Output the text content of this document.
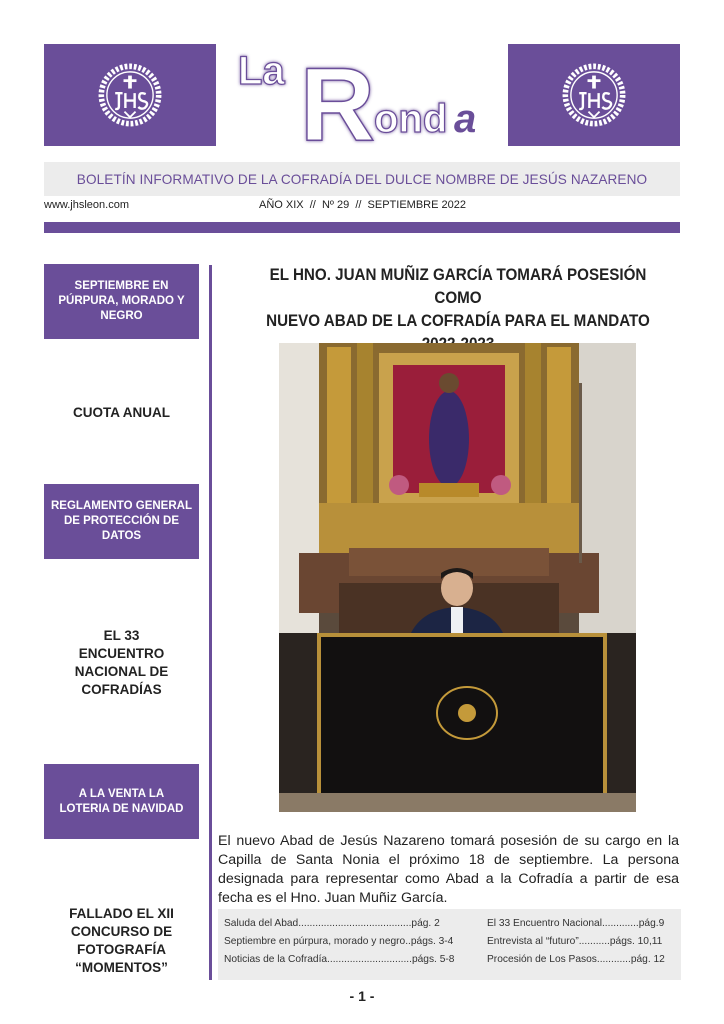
La R
ond a
BOLETÍN INFORMATIVO DE LA COFRADÍA DEL DULCE NOMBRE DE JESÚS NAZARENO
www.jhsleon.com	AÑO XIX  //  Nº 29  //  SEPTIEMBRE 2022
SEPTIEMBRE EN PÚRPURA, MORADO Y NEGRO
CUOTA ANUAL
REGLAMENTO GENERAL DE PROTECCIÓN DE DATOS
EL 33 ENCUENTRO NACIONAL DE COFRADÍAS
A LA VENTA LA LOTERIA DE NAVIDAD
FALLADO EL XII CONCURSO DE FOTOGRAFÍA “MOMENTOS”
EL HNO. JUAN MUÑIZ GARCÍA TOMARÁ POSESIÓN COMO
NUEVO ABAD DE LA COFRADÍA PARA EL MANDATO
El nuevo Abad de Jesús Nazareno tomará posesión de su cargo en la Capilla de Santa Nonia el próximo 18 de septiembre. La persona designada para representar como Abad a la Cofradía a partir de esa fecha es el Hno. Juan Muñiz García.
Saluda del Abad........................................pág. 2
Septiembre en púrpura, morado y negro..págs. 3-4
Noticias de la Cofradía..............................págs. 5-8
El 33 Encuentro Nacional.............pág.9
Entrevista al “futuro”...........págs. 10,11
Procesión de Los Pasos............pág. 12
- 1 -
